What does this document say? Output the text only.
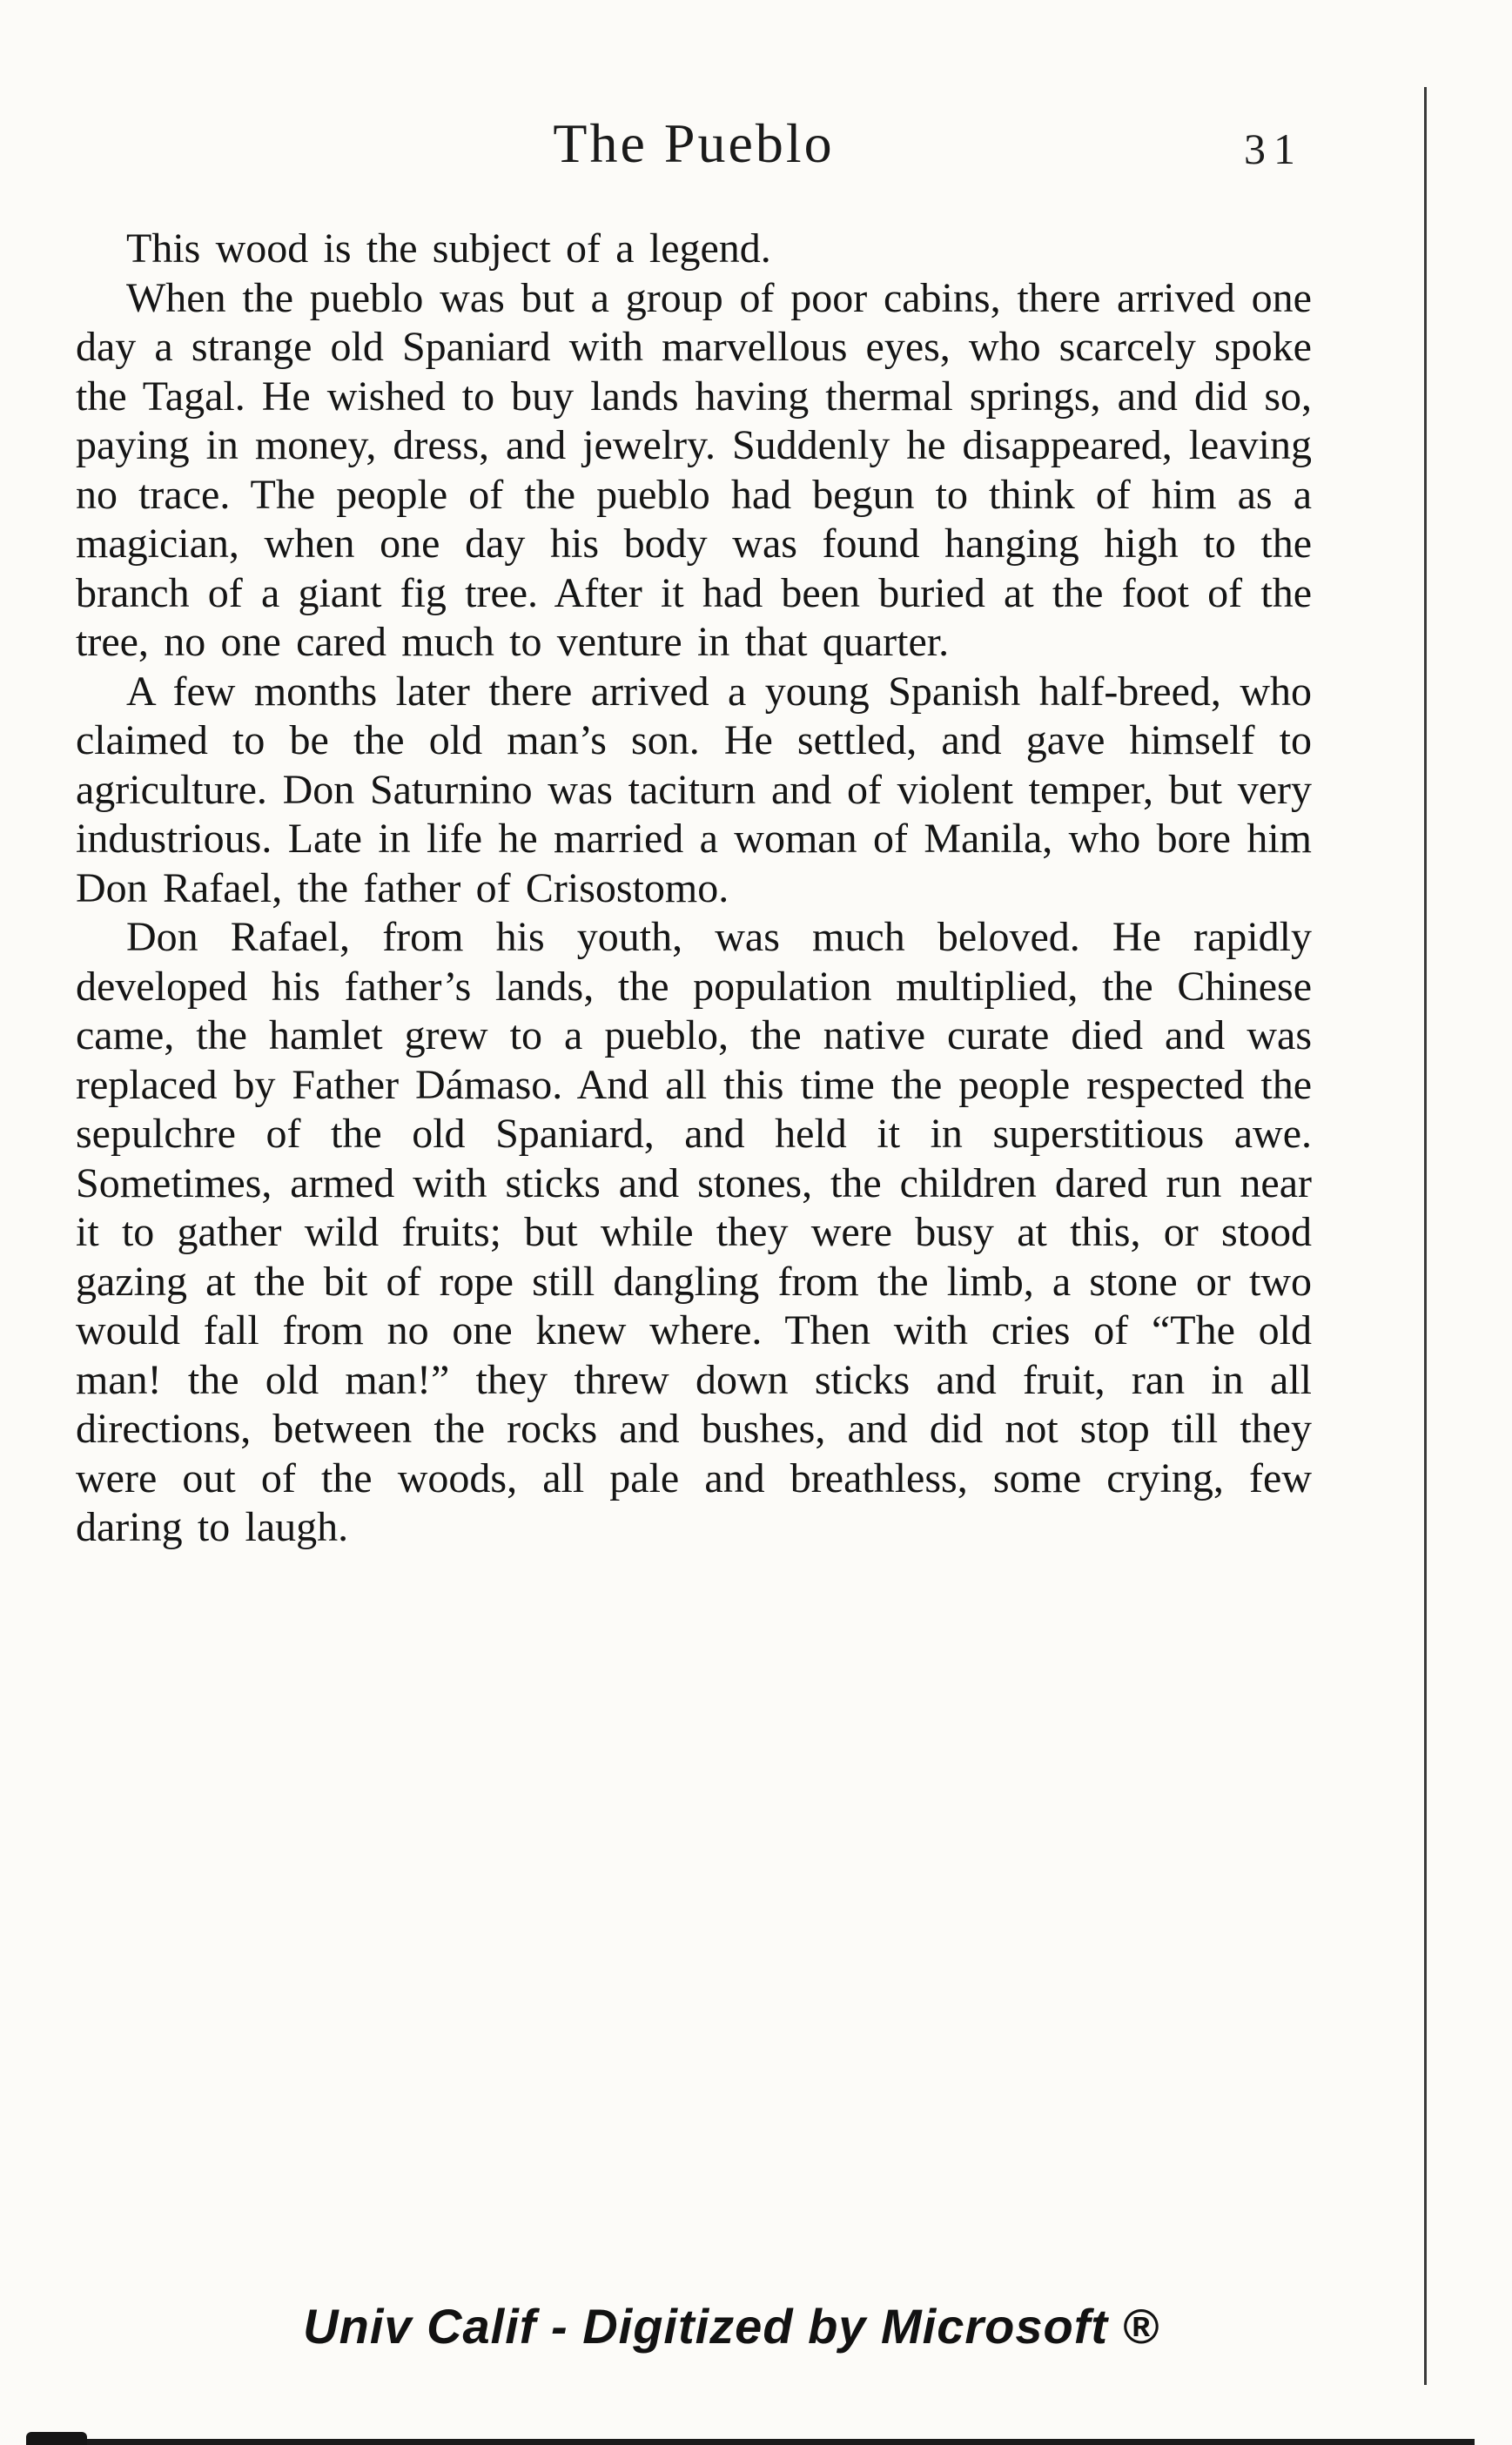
The Pueblo	31

This wood is the subject of a legend.

When the pueblo was but a group of poor cabins, there arrived one day a strange old Spaniard with marvellous eyes, who scarcely spoke the Tagal. He wished to buy lands having thermal springs, and did so, paying in money, dress, and jewelry. Suddenly he disappeared, leaving no trace. The people of the pueblo had begun to think of him as a magician, when one day his body was found hanging high to the branch of a giant fig tree. After it had been buried at the foot of the tree, no one cared much to venture in that quarter.

A few months later there arrived a young Spanish half-breed, who claimed to be the old man’s son. He settled, and gave himself to agriculture. Don Saturnino was taciturn and of violent temper, but very industrious. Late in life he married a woman of Manila, who bore him Don Rafael, the father of Crisostomo.

Don Rafael, from his youth, was much beloved. He rapidly developed his father’s lands, the population multiplied, the Chinese came, the hamlet grew to a pueblo, the native curate died and was replaced by Father Dámaso. And all this time the people respected the sepulchre of the old Spaniard, and held it in superstitious awe. Sometimes, armed with sticks and stones, the children dared run near it to gather wild fruits; but while they were busy at this, or stood gazing at the bit of rope still dangling from the limb, a stone or two would fall from no one knew where. Then with cries of “The old man! the old man!” they threw down sticks and fruit, ran in all directions, between the rocks and bushes, and did not stop till they were out of the woods, all pale and breathless, some crying, few daring to laugh.

Univ Calif - Digitized by Microsoft ®
